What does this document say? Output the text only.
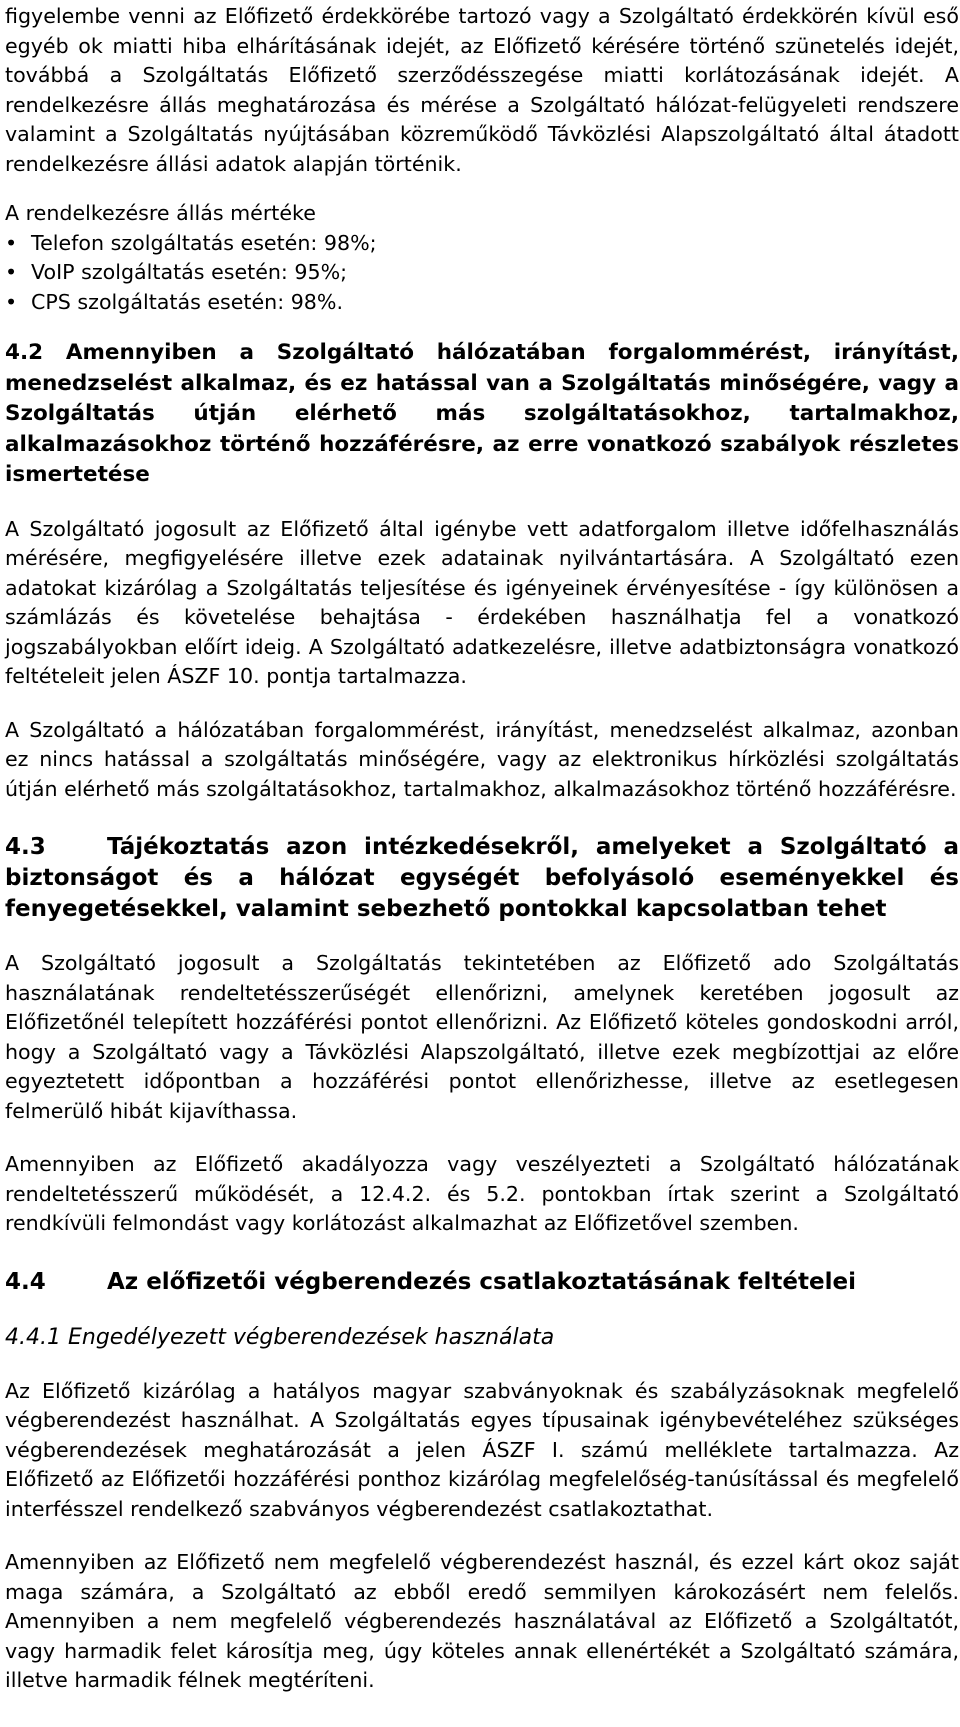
figyelembe venni az Előfizető érdekkörébe tartozó vagy a Szolgáltató érdekkörén kívül eső egyéb ok miatti hiba elhárításának idejét, az Előfizető kérésére történő szünetelés idejét, továbbá a Szolgáltatás Előfizető szerződésszegése miatti korlátozásának idejét. A rendelkezésre állás meghatározása és mérése a Szolgáltató hálózat-felügyeleti rendszere valamint a Szolgáltatás nyújtásában közreműködő Távközlési Alapszolgáltató által átadott rendelkezésre állási adatok alapján történik.

A rendelkezésre állás mértéke

• Telefon szolgáltatás esetén: 98%;
• VoIP szolgáltatás esetén: 95%;
• CPS szolgáltatás esetén: 98%.
4.2 Amennyiben a Szolgáltató hálózatában forgalommérést, irányítást, menedzselést alkalmaz, és ez hatással van a Szolgáltatás minőségére, vagy a Szolgáltatás útján elérhető más szolgáltatásokhoz, tartalmakhoz, alkalmazásokhoz történő hozzáférésre, az erre vonatkozó szabályok részletes ismertetése

A Szolgáltató jogosult az Előfizető által igénybe vett adatforgalom illetve időfelhasználás mérésére, megfigyelésére illetve ezek adatainak nyilvántartására. A Szolgáltató ezen adatokat kizárólag a Szolgáltatás teljesítése és igényeinek érvényesítése - így különösen a számlázás és követelése behajtása - érdekében használhatja fel a vonatkozó jogszabályokban előírt ideig. A Szolgáltató adatkezelésre, illetve adatbiztonságra vonatkozó feltételeit jelen ÁSZF 10. pontja tartalmazza.

A Szolgáltató a hálózatában forgalommérést, irányítást, menedzselést alkalmaz, azonban ez nincs hatással a szolgáltatás minőségére, vagy az elektronikus hírközlési szolgáltatás útján elérhető más szolgáltatásokhoz, tartalmakhoz, alkalmazásokhoz történő hozzáférésre.

4.3	Tájékoztatás azon intézkedésekről, amelyeket a Szolgáltató a biztonságot és a hálózat egységét befolyásoló eseményekkel és fenyegetésekkel, valamint sebezhető pontokkal kapcsolatban tehet

A Szolgáltató jogosult a Szolgáltatás tekintetében az Előfizető ado Szolgáltatás használatának rendeltetésszerűségét ellenőrizni, amelynek keretében jogosult az Előfizetőnél telepített hozzáférési pontot ellenőrizni. Az Előfizető köteles gondoskodni arról, hogy a Szolgáltató vagy a Távközlési Alapszolgáltató, illetve ezek megbízottjai az előre egyeztetett időpontban a hozzáférési pontot ellenőrizhesse, illetve az esetlegesen felmerülő hibát kijavíthassa.

Amennyiben az Előfizető akadályozza vagy veszélyezteti a Szolgáltató hálózatának rendeltetésszerű működését, a 12.4.2. és 5.2. pontokban írtak szerint a Szolgáltató rendkívüli felmondást vagy korlátozást alkalmazhat az Előfizetővel szemben.

4.4	Az előfizetői végberendezés csatlakoztatásának feltételei
4.4.1 Engedélyezett végberendezések használata

Az Előfizető kizárólag a hatályos magyar szabványoknak és szabályzásoknak megfelelő végberendezést használhat. A Szolgáltatás egyes típusainak igénybevételéhez szükséges végberendezések meghatározását a jelen ÁSZF I. számú melléklete tartalmazza. Az Előfizető az Előfizetői hozzáférési ponthoz kizárólag megfelelőség-tanúsítással és megfelelő interfésszel rendelkező szabványos végberendezést csatlakoztathat.

Amennyiben az Előfizető nem megfelelő végberendezést használ, és ezzel kárt okoz saját maga számára, a Szolgáltató az ebből eredő semmilyen károkozásért nem felelős. Amennyiben a nem megfelelő végberendezés használatával az Előfizető a Szolgáltatót, vagy harmadik felet károsítja meg, úgy köteles annak ellenértékét a Szolgáltató számára, illetve harmadik félnek megtéríteni.
